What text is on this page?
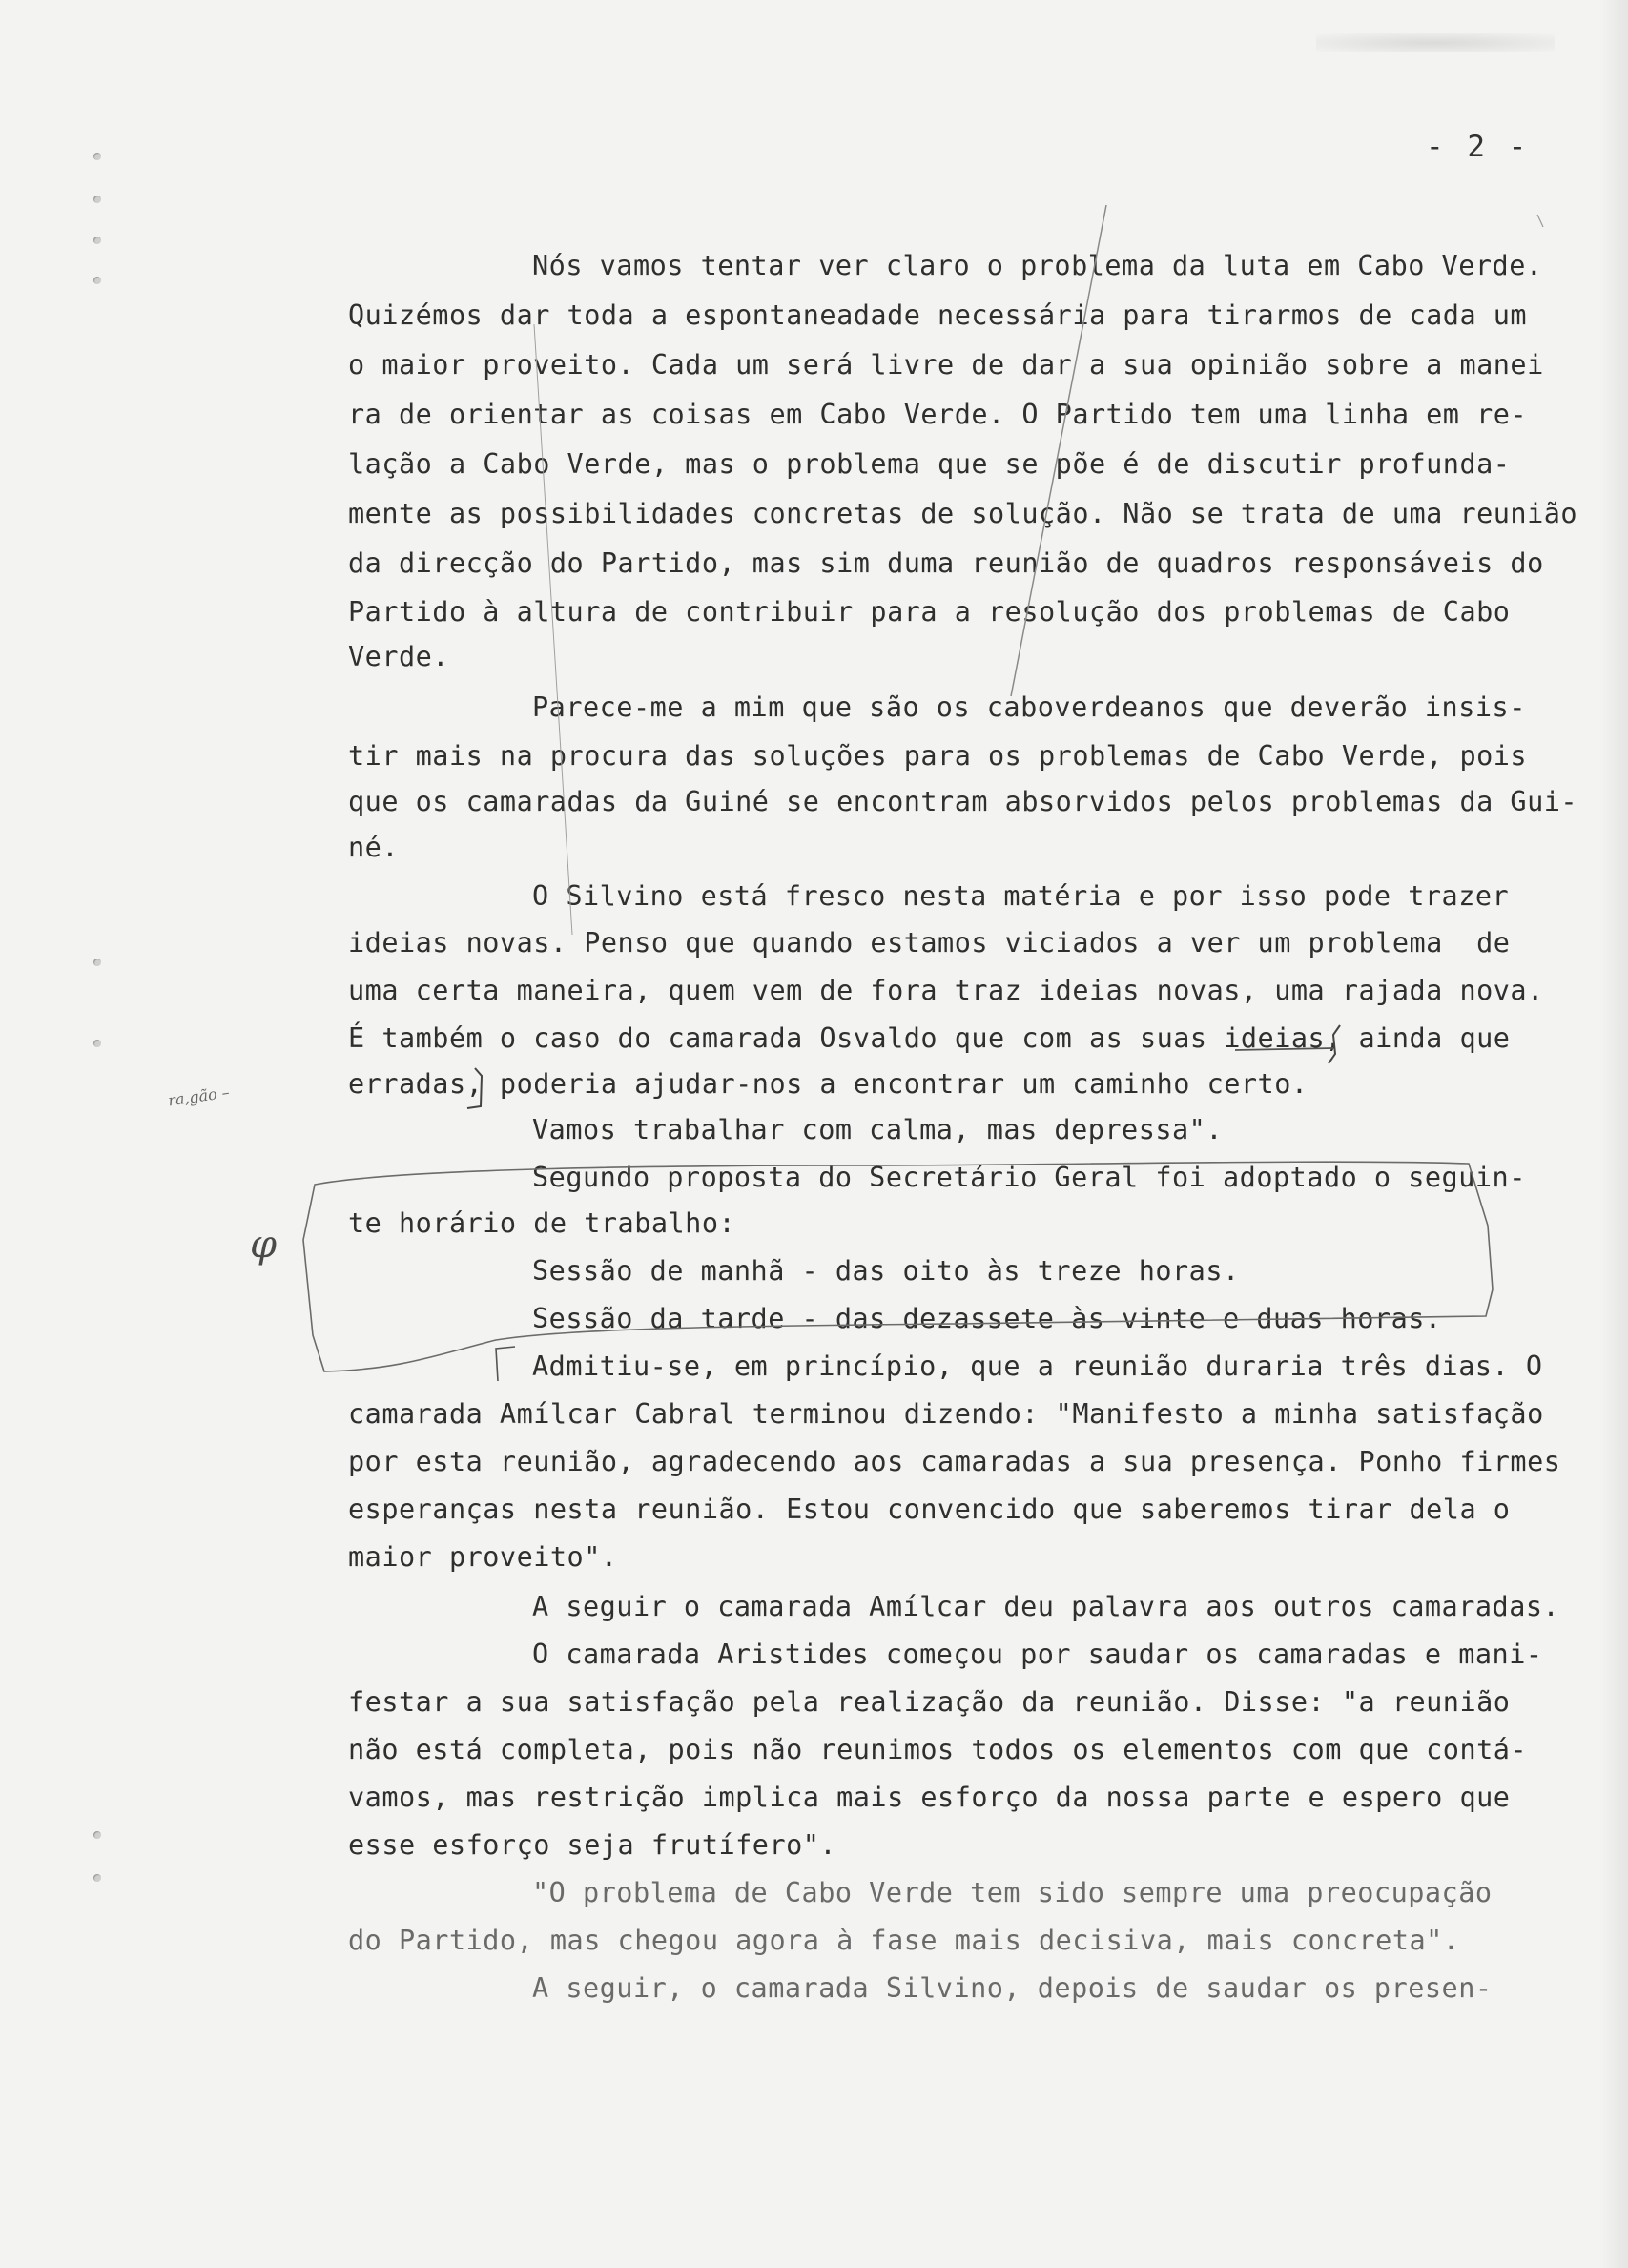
- 2 -
Nós vamos tentar ver claro o problema da luta em Cabo Verde.
Quizémos dar toda a espontaneadade necessária para tirarmos de cada um
o maior proveito. Cada um será livre de dar a sua opinião sobre a manei
ra de orientar as coisas em Cabo Verde. O Partido tem uma linha em re-
lação a Cabo Verde, mas o problema que se põe é de discutir profunda-
mente as possibilidades concretas de solução. Não se trata de uma reunião
da direcção do Partido, mas sim duma reunião de quadros responsáveis do
Partido à altura de contribuir para a resolução dos problemas de Cabo
Verde.
Parece-me a mim que são os caboverdeanos que deverão insis-
tir mais na procura das soluções para os problemas de Cabo Verde, pois
que os camaradas da Guiné se encontram absorvidos pelos problemas da Gui-
né.
O Silvino está fresco nesta matéria e por isso pode trazer
ideias novas. Penso que quando estamos viciados a ver um problema  de
uma certa maneira, quem vem de fora traz ideias novas, uma rajada nova.
É também o caso do camarada Osvaldo que com as suas ideias, ainda que
erradas, poderia ajudar-nos a encontrar um caminho certo.
Vamos trabalhar com calma, mas depressa".
Segundo proposta do Secretário Geral foi adoptado o seguin-
te horário de trabalho:
Sessão de manhã - das oito às treze horas.
Sessão da tarde - das dezassete às vinte e duas horas.
Admitiu-se, em princípio, que a reunião duraria três dias. O
camarada Amílcar Cabral terminou dizendo: "Manifesto a minha satisfação
por esta reunião, agradecendo aos camaradas a sua presença. Ponho firmes
esperanças nesta reunião. Estou convencido que saberemos tirar dela o
maior proveito".
A seguir o camarada Amílcar deu palavra aos outros camaradas.
O camarada Aristides começou por saudar os camaradas e mani-
festar a sua satisfação pela realização da reunião. Disse: "a reunião
não está completa, pois não reunimos todos os elementos com que contá-
vamos, mas restrição implica mais esforço da nossa parte e espero que
esse esforço seja frutífero".
"O problema de Cabo Verde tem sido sempre uma preocupação
do Partido, mas chegou agora à fase mais decisiva, mais concreta".
A seguir, o camarada Silvino, depois de saudar os presen-
ra,gão –
φ
